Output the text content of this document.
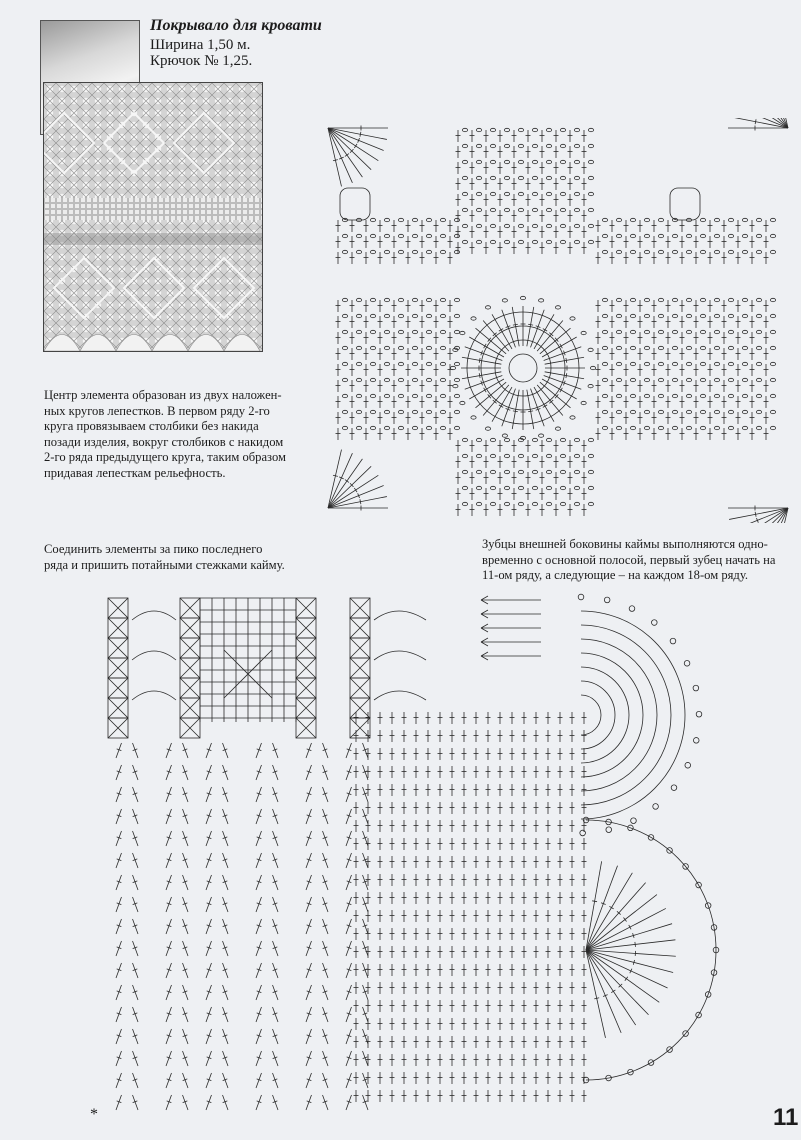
Покрывало для кровати
Ширина 1,50 м.
Крючок № 1,25.
Центр элемента образован из двух наложен-
ных кругов лепестков. В первом ряду 2-го
круга провязываем столбики без накида
позади изделия, вокруг столбиков с накидом
2-го ряда предыдущего круга, таким образом
придавая лепесткам рельефность.
Соединить элементы за пико последнего
ряда и пришить потайными стежками кайму.
Зубцы внешней боковины каймы выполняются одно-
временно с основной полосой, первый зубец начать на
11-ом ряду, а следующие – на каждом 18-ом ряду.
*	11
